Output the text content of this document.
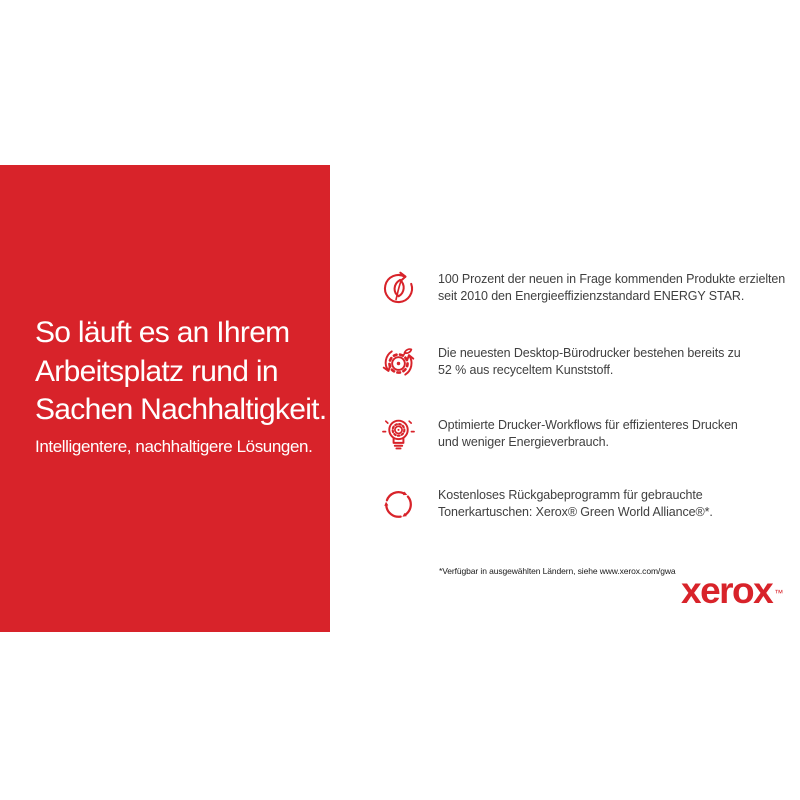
So läuft es an Ihrem
Arbeitsplatz rund in
Sachen Nachhaltigkeit.
Intelligentere, nachhaltigere Lösungen.
100 Prozent der neuen in Frage kommenden Produkte erzielten
seit 2010 den Energieeffizienzstandard ENERGY STAR.
Die neuesten Desktop-Bürodrucker bestehen bereits zu
52 % aus recyceltem Kunststoff.
Optimierte Drucker-Workflows für effizienteres Drucken
und weniger Energieverbrauch.
Kostenloses Rückgabeprogramm für gebrauchte
Tonerkartuschen: Xerox® Green World Alliance®*.
*Verfügbar in ausgewählten Ländern, siehe www.xerox.com/gwa xerox ™
